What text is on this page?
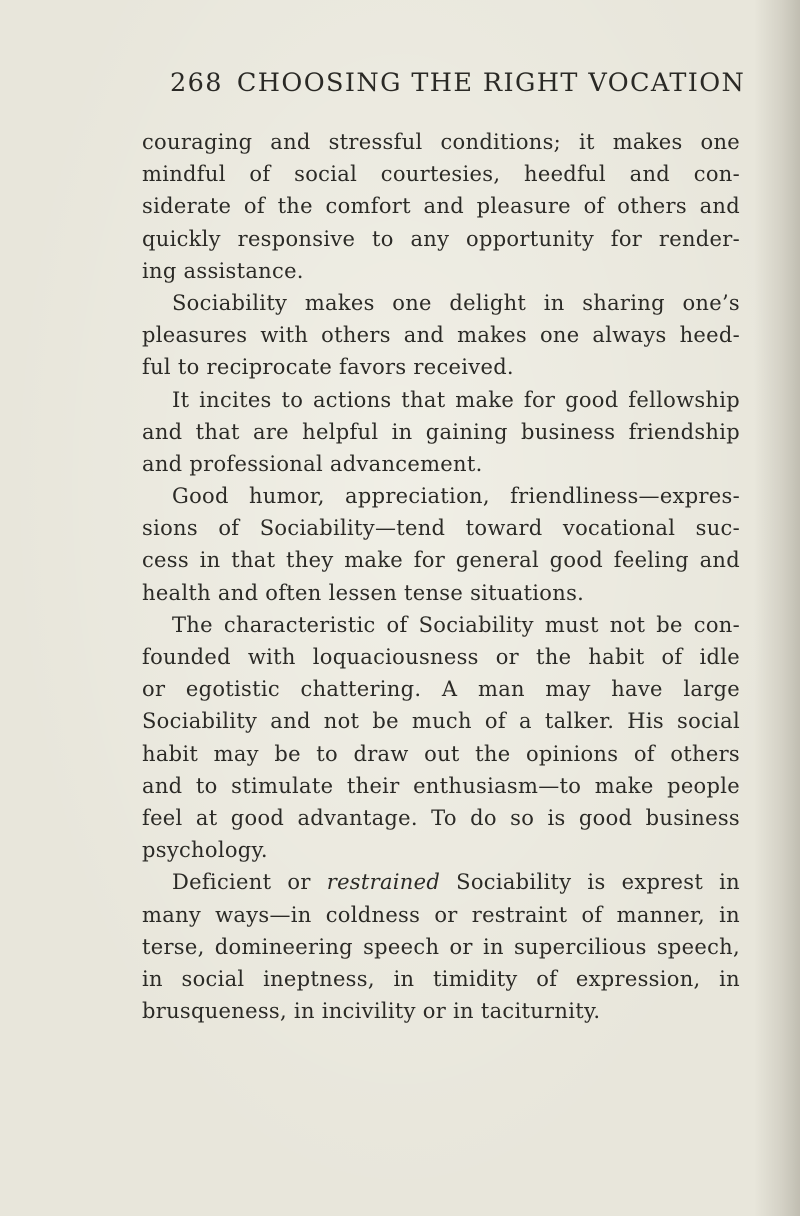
268 CHOOSING THE RIGHT VOCATION
couraging and stressful conditions; it makes one
mindful of social courtesies, heedful and con-
siderate of the comfort and pleasure of others and
quickly responsive to any opportunity for render-
ing assistance.
Sociability makes one delight in sharing one’s
pleasures with others and makes one always heed-
ful to reciprocate favors received.
It incites to actions that make for good fellowship
and that are helpful in gaining business friendship
and professional advancement.
Good humor, appreciation, friendliness—expres-
sions of Sociability—tend toward vocational suc-
cess in that they make for general good feeling and
health and often lessen tense situations.
The characteristic of Sociability must not be con-
founded with loquaciousness or the habit of idle
or egotistic chattering. A man may have large
Sociability and not be much of a talker. His social
habit may be to draw out the opinions of others
and to stimulate their enthusiasm—to make people
feel at good advantage. To do so is good business
psychology.
Deficient or restrained Sociability is exprest in
many ways—in coldness or restraint of manner, in
terse, domineering speech or in supercilious speech,
in social ineptness, in timidity of expression, in
brusqueness, in incivility or in taciturnity.
